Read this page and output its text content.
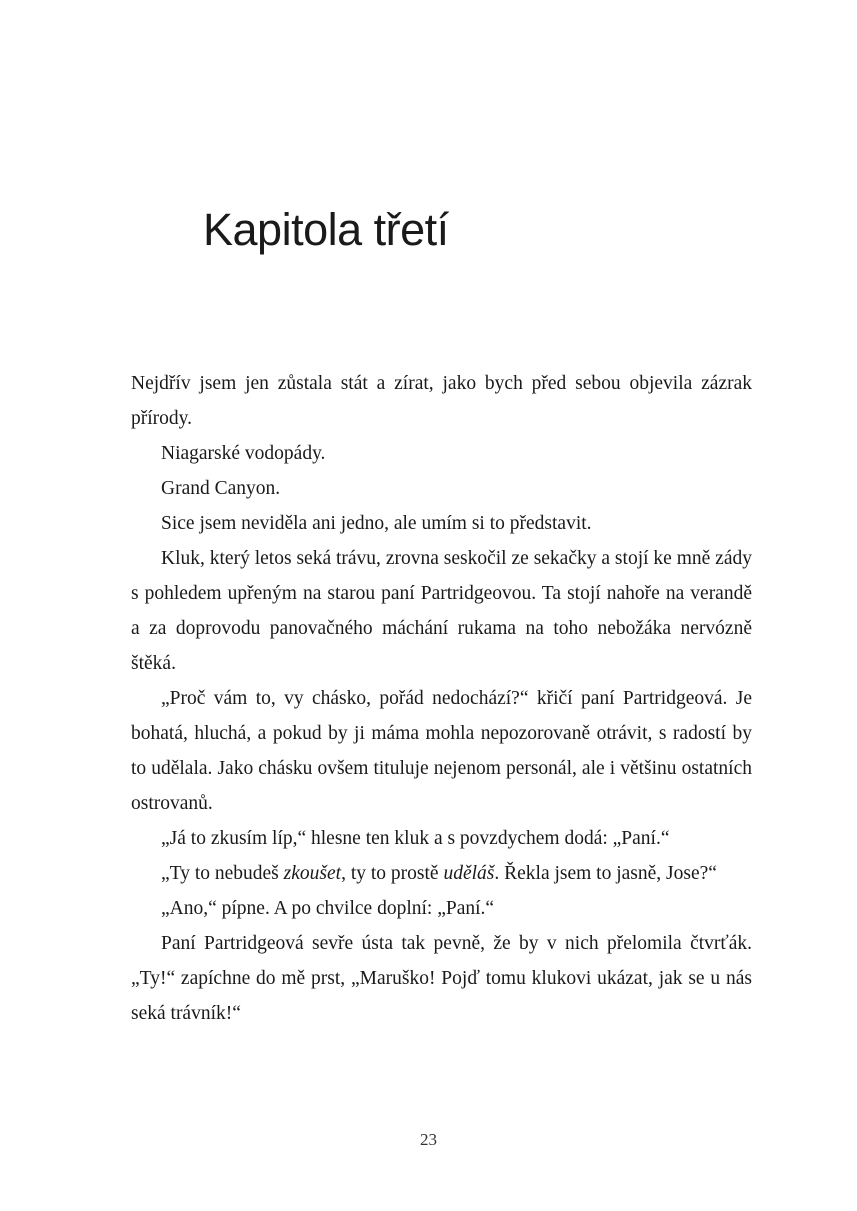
Kapitola třetí

Nejdřív jsem jen zůstala stát a zírat, jako bych před sebou objevila zázrak přírody.

Niagarské vodopády.

Grand Canyon.

Sice jsem neviděla ani jedno, ale umím si to představit.

Kluk, který letos seká trávu, zrovna seskočil ze sekačky a stojí ke mně zády s pohledem upřeným na starou paní Partridgeovou. Ta stojí nahoře na verandě a za doprovodu panovačného máchání rukama na toho nebožáka nervózně štěká.

„Proč vám to, vy chásko, pořád nedochází?“ křičí paní Partridgeová. Je bohatá, hluchá, a pokud by ji máma mohla nepozorovaně otrávit, s radostí by to udělala. Jako chásku ovšem tituluje nejenom personál, ale i většinu ostatních ostrovanů.

„Já to zkusím líp,“ hlesne ten kluk a s povzdychem dodá: „Paní.“

„Ty to nebudeš zkoušet, ty to prostě uděláš. Řekla jsem to jasně, Jose?“

„Ano,“ pípne. A po chvilce doplní: „Paní.“

Paní Partridgeová sevře ústa tak pevně, že by v nich přelomila čtvrťák. „Ty!“ zapíchne do mě prst, „Maruško! Pojď tomu klukovi ukázat, jak se u nás seká trávník!“

23
